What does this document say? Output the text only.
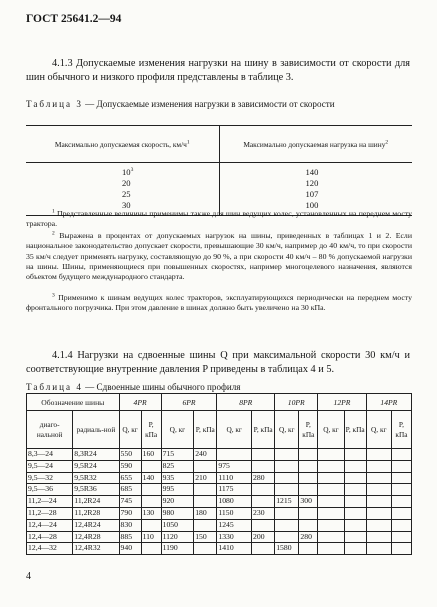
ГОСТ 25641.2—94
4.1.3 Допускаемые изменения нагрузки на шину в зависимости от скорости для шин обычного и низкого профиля представлены в таблице 3.
Таблица 3 — Допускаемые изменения нагрузки в зависимости от скорости
Максимально допускаемая скорость, $км/ч^1$	Максимально допускаемая нагрузка на шину$^2$

$10^3$	140
20	120
25	107
30	100
$^1$ Представленные величины применимы также для шин ведущих колес, установленных на переднем мосту трактора.
$^2$ Выражена в процентах от допускаемых нагрузок на шины, приведенных в таблицах 1 и 2. Если национальное законодательство допускает скорости, превышающие 30 км/ч, например до 40 км/ч, то при скорости 35 км/ч следует применять нагрузку, составляющую до 90 %, а при скорости 40 км/ч – 80 % допускаемой нагрузки на шины. Шины, применяющиеся при повышенных скоростях, например многоцелевого назначения, являются объектом будущего международного стандарта.
$^3$ Применимо к шинам ведущих колес тракторов, эксплуатирующихся периодически на переднем мосту фронтального погрузчика. При этом давление в шинах должно быть увеличено на 30 кПа.
4.1.4 Нагрузки на сдвоенные шины Q при максимальной скорости 30 км/ч и соответствующие внутренние давления P приведены в таблицах 4 и 5.
Таблица 4 — Сдвоенные шины обычного профиля
Обозначение шины		4PR		6PR		8PR		10PR		12PR		14PR	
диаго-нальной	радиаль-ной	Q, кг	P, кПа	Q, кг	P, кПа	Q, кг	P, кПа	Q, кг	P, кПа	Q, кг	P, кПа	Q, кг	P, кПа
8,3—24	8,3R24	550	160	715	240								
9,5—24	9,5R24	590		825		975							
9,5—32	9,5R32	655	140	935	210	1110	280						
9,5—36	9,5R36	685		995		1175							
11,2—24	11,2R24	745		920		1080		1215	300				
11,2—28	11,2R28	790	130	980	180	1150	230						
12,4—24	12,4R24	830		1050		1245							
12,4—28	12,4R28	885	110	1120	150	1330	200		280				
12,4—32	12,4R32	940		1190		1410		1580					
4
